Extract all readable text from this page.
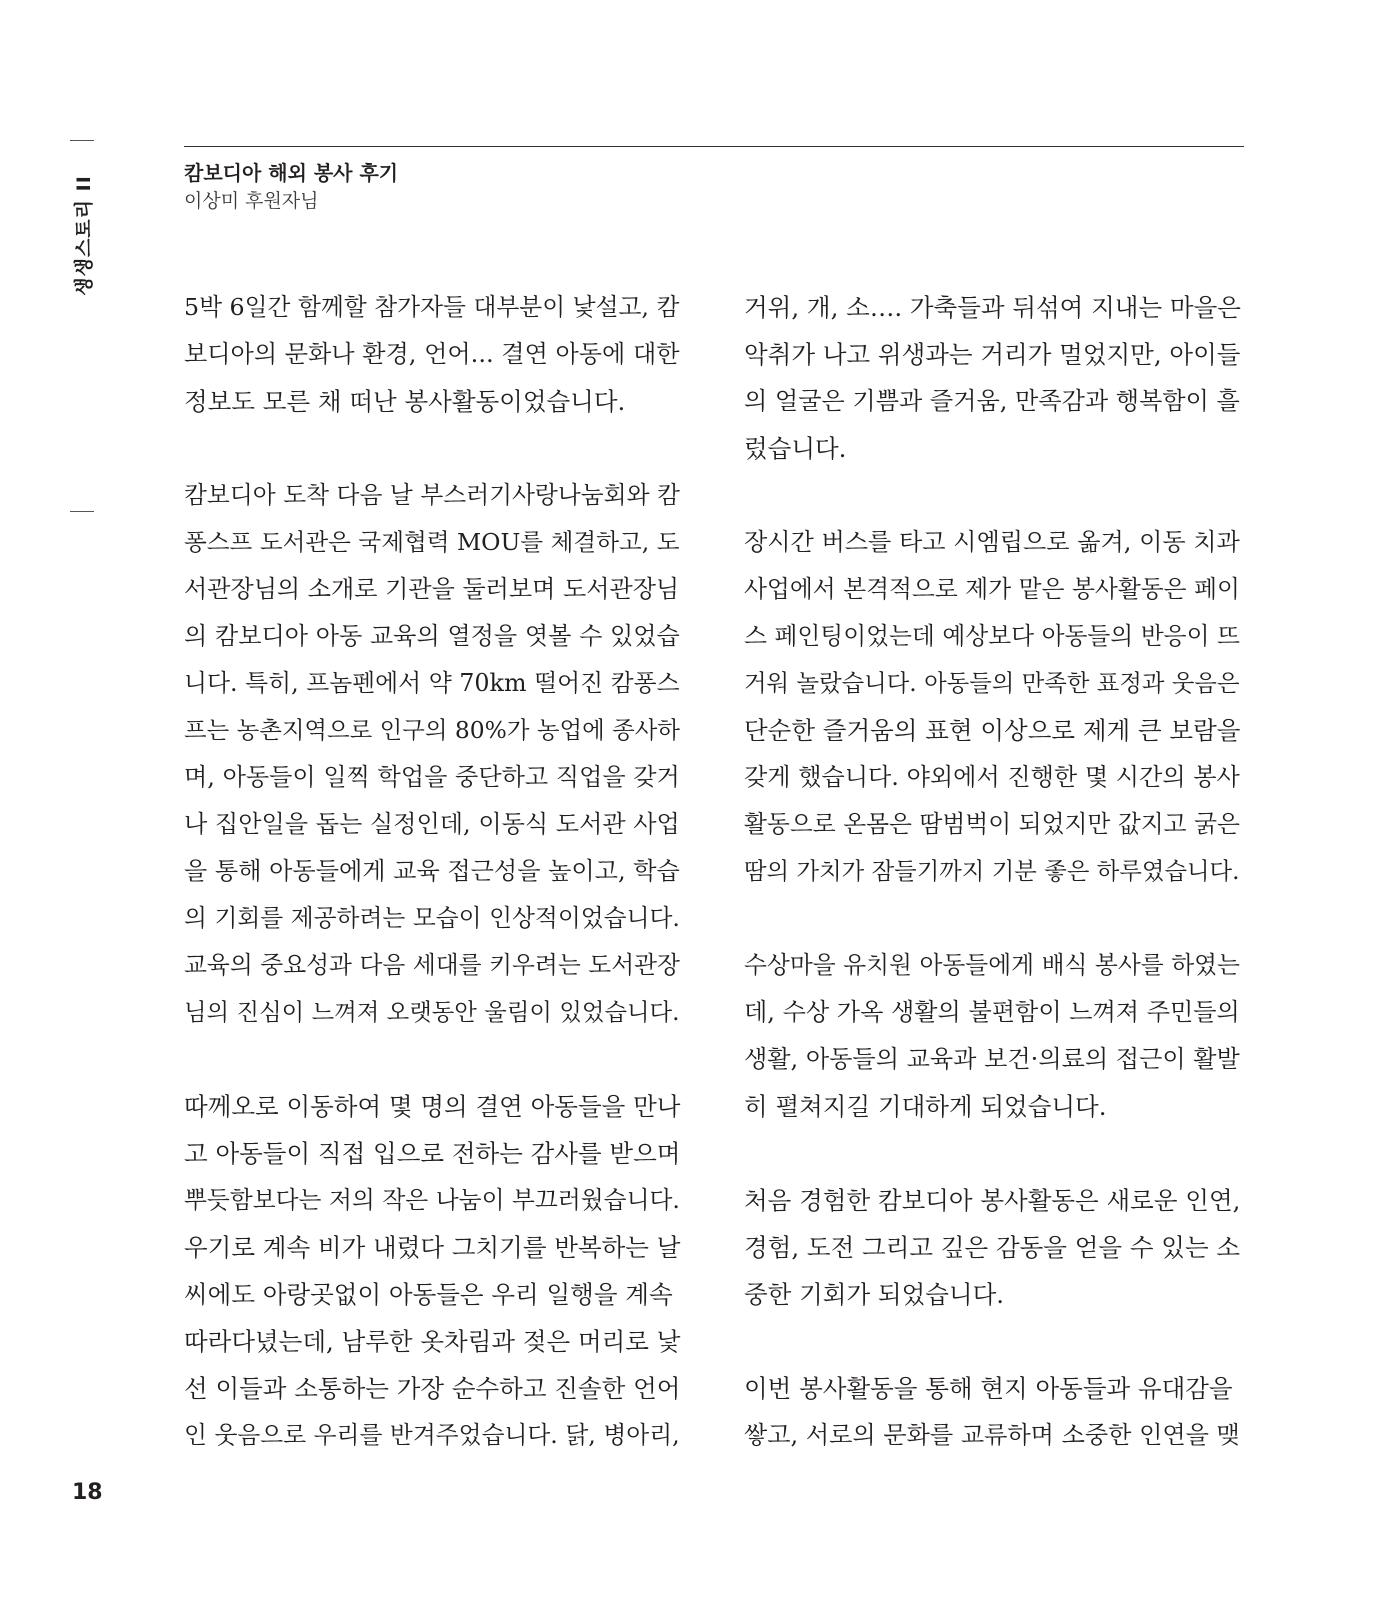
생생스토리 II
18
캄보디아 해외 봉사 후기
이상미 후원자님

5박 6일간 함께할 참가자들 대부분이 낯설고, 캄
보디아의 문화나 환경, 언어... 결연 아동에 대한
정보도 모른 채 떠난 봉사활동이었습니다.

캄보디아 도착 다음 날 부스러기사랑나눔회와 캄
퐁스프 도서관은 국제협력 MOU를 체결하고, 도
서관장님의 소개로 기관을 둘러보며 도서관장님
의 캄보디아 아동 교육의 열정을 엿볼 수 있었습
니다. 특히, 프놈펜에서 약 70km 떨어진 캄퐁스
프는 농촌지역으로 인구의 80%가 농업에 종사하
며, 아동들이 일찍 학업을 중단하고 직업을 갖거
나 집안일을 돕는 실정인데, 이동식 도서관 사업
을 통해 아동들에게 교육 접근성을 높이고, 학습
의 기회를 제공하려는 모습이 인상적이었습니다.
교육의 중요성과 다음 세대를 키우려는 도서관장
님의 진심이 느껴져 오랫동안 울림이 있었습니다.

따께오로 이동하여 몇 명의 결연 아동들을 만나
고 아동들이 직접 입으로 전하는 감사를 받으며
뿌듯함보다는 저의 작은 나눔이 부끄러웠습니다.
우기로 계속 비가 내렸다 그치기를 반복하는 날
씨에도 아랑곳없이 아동들은 우리 일행을 계속
따라다녔는데, 남루한 옷차림과 젖은 머리로 낯
선 이들과 소통하는 가장 순수하고 진솔한 언어
인 웃음으로 우리를 반겨주었습니다. 닭, 병아리,

거위, 개, 소…. 가축들과 뒤섞여 지내는 마을은
악취가 나고 위생과는 거리가 멀었지만, 아이들
의 얼굴은 기쁨과 즐거움, 만족감과 행복함이 흘
렀습니다.

장시간 버스를 타고 시엠립으로 옮겨, 이동 치과
사업에서 본격적으로 제가 맡은 봉사활동은 페이
스 페인팅이었는데 예상보다 아동들의 반응이 뜨
거워 놀랐습니다. 아동들의 만족한 표정과 웃음은
단순한 즐거움의 표현 이상으로 제게 큰 보람을
갖게 했습니다. 야외에서 진행한 몇 시간의 봉사
활동으로 온몸은 땀범벅이 되었지만 값지고 굵은
땀의 가치가 잠들기까지 기분 좋은 하루였습니다.

수상마을 유치원 아동들에게 배식 봉사를 하였는
데, 수상 가옥 생활의 불편함이 느껴져 주민들의
생활, 아동들의 교육과 보건·의료의 접근이 활발
히 펼쳐지길 기대하게 되었습니다.

처음 경험한 캄보디아 봉사활동은 새로운 인연,
경험, 도전 그리고 깊은 감동을 얻을 수 있는 소
중한 기회가 되었습니다.

이번 봉사활동을 통해 현지 아동들과 유대감을
쌓고, 서로의 문화를 교류하며 소중한 인연을 맺
